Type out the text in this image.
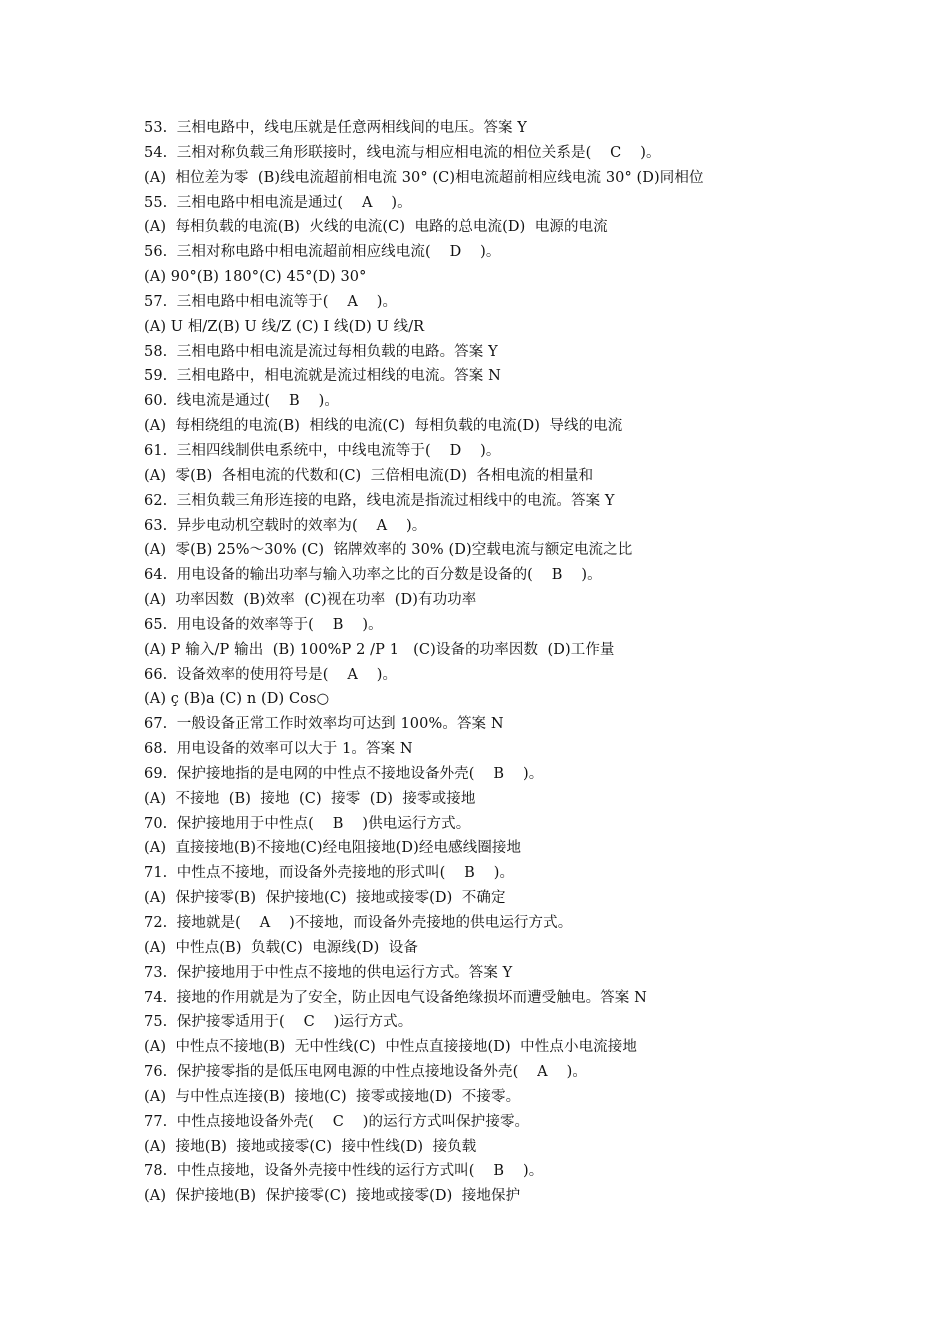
53.  三相电路中，线电压就是任意两相线间的电压。答案 Y
54.  三相对称负载三角形联接时，线电流与相应相电流的相位关系是(    C    )。
(A)  相位差为零  (B)线电流超前相电流 30° (C)相电流超前相应线电流 30° (D)同相位
55.  三相电路中相电流是通过(    A    )。
(A)  每相负载的电流(B)  火线的电流(C)  电路的总电流(D)  电源的电流
56.  三相对称电路中相电流超前相应线电流(    D    )。
(A) 90°(B) 180°(C) 45°(D) 30°
57.  三相电路中相电流等于(    A    )。
(A) U 相/Z(B) U 线/Z (C) I 线(D) U 线/R
58.  三相电路中相电流是流过每相负载的电路。答案 Y
59.  三相电路中，相电流就是流过相线的电流。答案 N
60.  线电流是通过(    B    )。
(A)  每相绕组的电流(B)  相线的电流(C)  每相负载的电流(D)  导线的电流
61.  三相四线制供电系统中，中线电流等于(    D    )。
(A)  零(B)  各相电流的代数和(C)  三倍相电流(D)  各相电流的相量和
62.  三相负载三角形连接的电路，线电流是指流过相线中的电流。答案 Y
63.  异步电动机空载时的效率为(    A    )。
(A)  零(B) 25%～30% (C)  铭牌效率的 30% (D)空载电流与额定电流之比
64.  用电设备的输出功率与输入功率之比的百分数是设备的(    B    )。
(A)  功率因数  (B)效率  (C)视在功率  (D)有功功率
65.  用电设备的效率等于(    B    )。
(A) P 输入/P 输出  (B) 100%P 2 /P 1   (C)设备的功率因数  (D)工作量
66.  设备效率的使用符号是(    A    )。
(A) ç (B)a (C) n (D) Cos○
67.  一般设备正常工作时效率均可达到 100%。答案 N
68.  用电设备的效率可以大于 1。答案 N
69.  保护接地指的是电网的中性点不接地设备外壳(    B    )。
(A)  不接地  (B)  接地  (C)  接零  (D)  接零或接地
70.  保护接地用于中性点(    B    )供电运行方式。
(A)  直接接地(B)不接地(C)经电阻接地(D)经电感线圈接地
71.  中性点不接地，而设备外壳接地的形式叫(    B    )。
(A)  保护接零(B)  保护接地(C)  接地或接零(D)  不确定
72.  接地就是(    A    )不接地，而设备外壳接地的供电运行方式。
(A)  中性点(B)  负载(C)  电源线(D)  设备
73.  保护接地用于中性点不接地的供电运行方式。答案 Y
74.  接地的作用就是为了安全，防止因电气设备绝缘损坏而遭受触电。答案 N
75.  保护接零适用于(    C    )运行方式。
(A)  中性点不接地(B)  无中性线(C)  中性点直接接地(D)  中性点小电流接地
76.  保护接零指的是低压电网电源的中性点接地设备外壳(    A    )。
(A)  与中性点连接(B)  接地(C)  接零或接地(D)  不接零。
77.  中性点接地设备外壳(    C    )的运行方式叫保护接零。
(A)  接地(B)  接地或接零(C)  接中性线(D)  接负载
78.  中性点接地，设备外壳接中性线的运行方式叫(    B    )。
(A)  保护接地(B)  保护接零(C)  接地或接零(D)  接地保护
